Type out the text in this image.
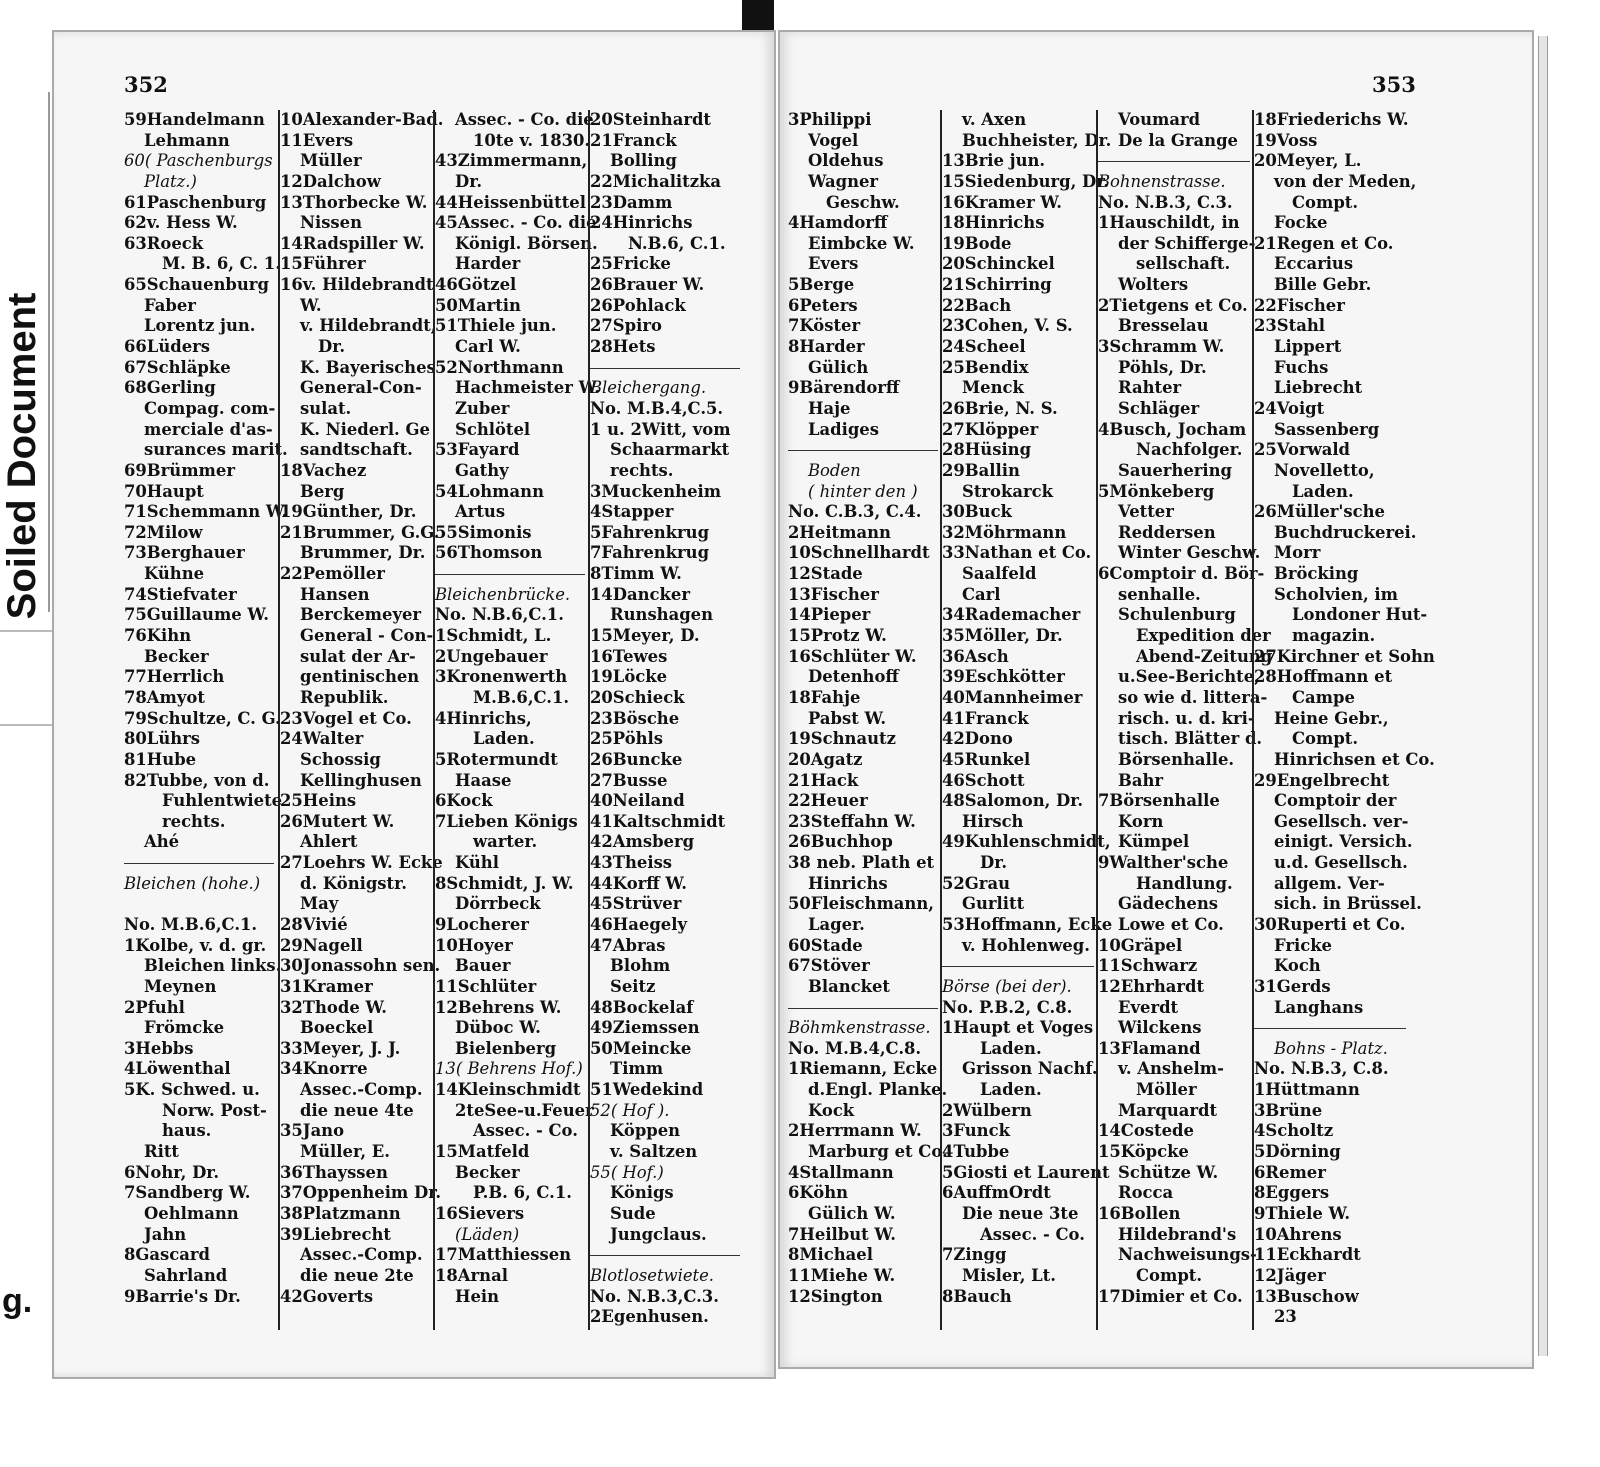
Soiled Document
g.
352
59Handelmann
Lehmann
60( Paschenburgs
Platz.)
61Paschenburg
62v. Hess W.
63Roeck
M. B. 6, C. 1.
65Schauenburg
Faber
Lorentz jun.
66Lüders
67Schläpke
68Gerling
Compag. com-
merciale d'as-
surances marit.
69Brümmer
70Haupt
71Schemmann W.
72Milow
73Berghauer
Kühne
74Stiefvater
75Guillaume W.
76Kihn
Becker
77Herrlich
78Amyot
79Schultze, C. G.
80Lührs
81Hube
82Tubbe, von d.
Fuhlentwiete
rechts.
Ahé
Bleichen (hohe.)
No. M.B.6,C.1.
1Kolbe, v. d. gr.
Bleichen links.
Meynen
2Pfuhl
Frömcke
3Hebbs
4Löwenthal
5K. Schwed. u.
Norw. Post-
haus.
Ritt
6Nohr, Dr.
7Sandberg W.
Oehlmann
Jahn
8Gascard
Sahrland
9Barrie's Dr.
10Alexander-Bad.
11Evers
Müller
12Dalchow
13Thorbecke W.
Nissen
14Radspiller W.
15Führer
16v. Hildebrandt
W.
v. Hildebrandt,
Dr.
K. Bayerisches
General-Con-
sulat.
K. Niederl. Ge
sandtschaft.
18Vachez
Berg
19Günther, Dr.
21Brummer, G.G.
Brummer, Dr.
22Pemöller
Hansen
Berckemeyer
General - Con-
sulat der Ar-
gentinischen
Republik.
23Vogel et Co.
24Walter
Schossig
Kellinghusen
25Heins
26Mutert W.
Ahlert
27Loehrs W. Ecke
d. Königstr.
May
28Vivié
29Nagell
30Jonassohn sen.
31Kramer
32Thode W.
Boeckel
33Meyer, J. J.
34Knorre
Assec.-Comp.
die neue 4te
35Jano
Müller, E.
36Thayssen
37Oppenheim Dr.
38Platzmann
39Liebrecht
Assec.-Comp.
die neue 2te
42Goverts
Assec. - Co. die
10te v. 1830.
43Zimmermann,
Dr.
44Heissenbüttel
45Assec. - Co. die
Königl. Börsen.
Harder
46Götzel
50Martin
51Thiele jun.
Carl W.
52Northmann
Hachmeister W.
Zuber
Schlötel
53Fayard
Gathy
54Lohmann
Artus
55Simonis
56Thomson
Bleichenbrücke.
No. N.B.6,C.1.
1Schmidt, L.
2Ungebauer
3Kronenwerth
M.B.6,C.1.
4Hinrichs,
Laden.
5Rotermundt
Haase
6Kock
7Lieben Königs
warter.
Kühl
8Schmidt, J. W.
Dörrbeck
9Locherer
10Hoyer
Bauer
11Schlüter
12Behrens W.
Düboc W.
Bielenberg
13( Behrens Hof.)
14Kleinschmidt
2teSee-u.Feuer
Assec. - Co.
15Matfeld
Becker
P.B. 6, C.1.
16Sievers
(Läden)
17Matthiessen
18Arnal
Hein
20Steinhardt
21Franck
Bolling
22Michalitzka
23Damm
24Hinrichs
N.B.6, C.1.
25Fricke
26Brauer W.
26Pohlack
27Spiro
28Hets
Bleichergang.
No. M.B.4,C.5.
1 u. 2Witt, vom
Schaarmarkt
rechts.
3Muckenheim
4Stapper
5Fahrenkrug
7Fahrenkrug
8Timm W.
14Dancker
Runshagen
15Meyer, D.
16Tewes
19Löcke
20Schieck
23Bösche
25Pöhls
26Buncke
27Busse
40Neiland
41Kaltschmidt
42Amsberg
43Theiss
44Korff W.
45Strüver
46Haegely
47Abras
Blohm
Seitz
48Bockelaf
49Ziemssen
50Meincke
Timm
51Wedekind
52( Hof ).
Köppen
v. Saltzen
55( Hof.)
Königs
Sude
Jungclaus.
Blotlosetwiete.
No. N.B.3,C.3.
2Egenhusen.
353
3Philippi
Vogel
Oldehus
Wagner
Geschw.
4Hamdorff
Eimbcke W.
Evers
5Berge
6Peters
7Köster
8Harder
Gülich
9Bärendorff
Haje
Ladiges
Boden
( hinter den )
No. C.B.3, C.4.
2Heitmann
10Schnellhardt
12Stade
13Fischer
14Pieper
15Protz W.
16Schlüter W.
Detenhoff
18Fahje
Pabst W.
19Schnautz
20Agatz
21Hack
22Heuer
23Steffahn W.
26Buchhop
38 neb. Plath et
Hinrichs
50Fleischmann,
Lager.
60Stade
67Stöver
Blancket
Böhmkenstrasse.
No. M.B.4,C.8.
1Riemann, Ecke
d.Engl. Planke.
Kock
2Herrmann W.
Marburg et Co.
4Stallmann
6Köhn
Gülich W.
7Heilbut W.
8Michael
11Miehe W.
12Sington
v. Axen
Buchheister, Dr.
13Brie jun.
15Siedenburg, Dr.
16Kramer W.
18Hinrichs
19Bode
20Schinckel
21Schirring
22Bach
23Cohen, V. S.
24Scheel
25Bendix
Menck
26Brie, N. S.
27Klöpper
28Hüsing
29Ballin
Strokarck
30Buck
32Möhrmann
33Nathan et Co.
Saalfeld
Carl
34Rademacher
35Möller, Dr.
36Asch
39Eschkötter
40Mannheimer
41Franck
42Dono
45Runkel
46Schott
48Salomon, Dr.
Hirsch
49Kuhlenschmidt,
Dr.
52Grau
Gurlitt
53Hoffmann, Ecke
v. Hohlenweg.
Börse (bei der).
No. P.B.2, C.8.
1Haupt et Voges
Laden.
Grisson Nachf.
Laden.
2Wülbern
3Funck
4Tubbe
5Giosti et Laurent
6AuffmOrdt
Die neue 3te
Assec. - Co.
7Zingg
Misler, Lt.
8Bauch
Voumard
De la Grange
Bohnenstrasse.
No. N.B.3, C.3.
1Hauschildt, in
der Schifferge-
sellschaft.
Wolters
2Tietgens et Co.
Bresselau
3Schramm W.
Pöhls, Dr.
Rahter
Schläger
4Busch, Jocham
Nachfolger.
Sauerhering
5Mönkeberg
Vetter
Reddersen
Winter Geschw.
6Comptoir d. Bör-
senhalle.
Schulenburg
Expedition der
Abend-Zeitung
u.See-Berichte,
so wie d. littera-
risch. u. d. kri-
tisch. Blätter d.
Börsenhalle.
Bahr
7Börsenhalle
Korn
Kümpel
9Walther'sche
Handlung.
Gädechens
Lowe et Co.
10Gräpel
11Schwarz
12Ehrhardt
Everdt
Wilckens
13Flamand
v. Anshelm-
Möller
Marquardt
14Costede
15Köpcke
Schütze W.
Rocca
16Bollen
Hildebrand's
Nachweisungs-
Compt.
17Dimier et Co.
18Friederichs W.
19Voss
20Meyer, L.
von der Meden,
Compt.
Focke
21Regen et Co.
Eccarius
Bille Gebr.
22Fischer
23Stahl
Lippert
Fuchs
Liebrecht
24Voigt
Sassenberg
25Vorwald
Novelletto,
Laden.
26Müller'sche
Buchdruckerei.
Morr
Bröcking
Scholvien, im
Londoner Hut-
magazin.
27Kirchner et Sohn
28Hoffmann et
Campe
Heine Gebr.,
Compt.
Hinrichsen et Co.
29Engelbrecht
Comptoir der
Gesellsch. ver-
einigt. Versich.
u.d. Gesellsch.
allgem. Ver-
sich. in Brüssel.
30Ruperti et Co.
Fricke
Koch
31Gerds
Langhans
Bohns - Platz.
No. N.B.3, C.8.
1Hüttmann
3Brüne
4Scholtz
5Dörning
6Remer
8Eggers
9Thiele W.
10Ahrens
11Eckhardt
12Jäger
13Buschow
23
